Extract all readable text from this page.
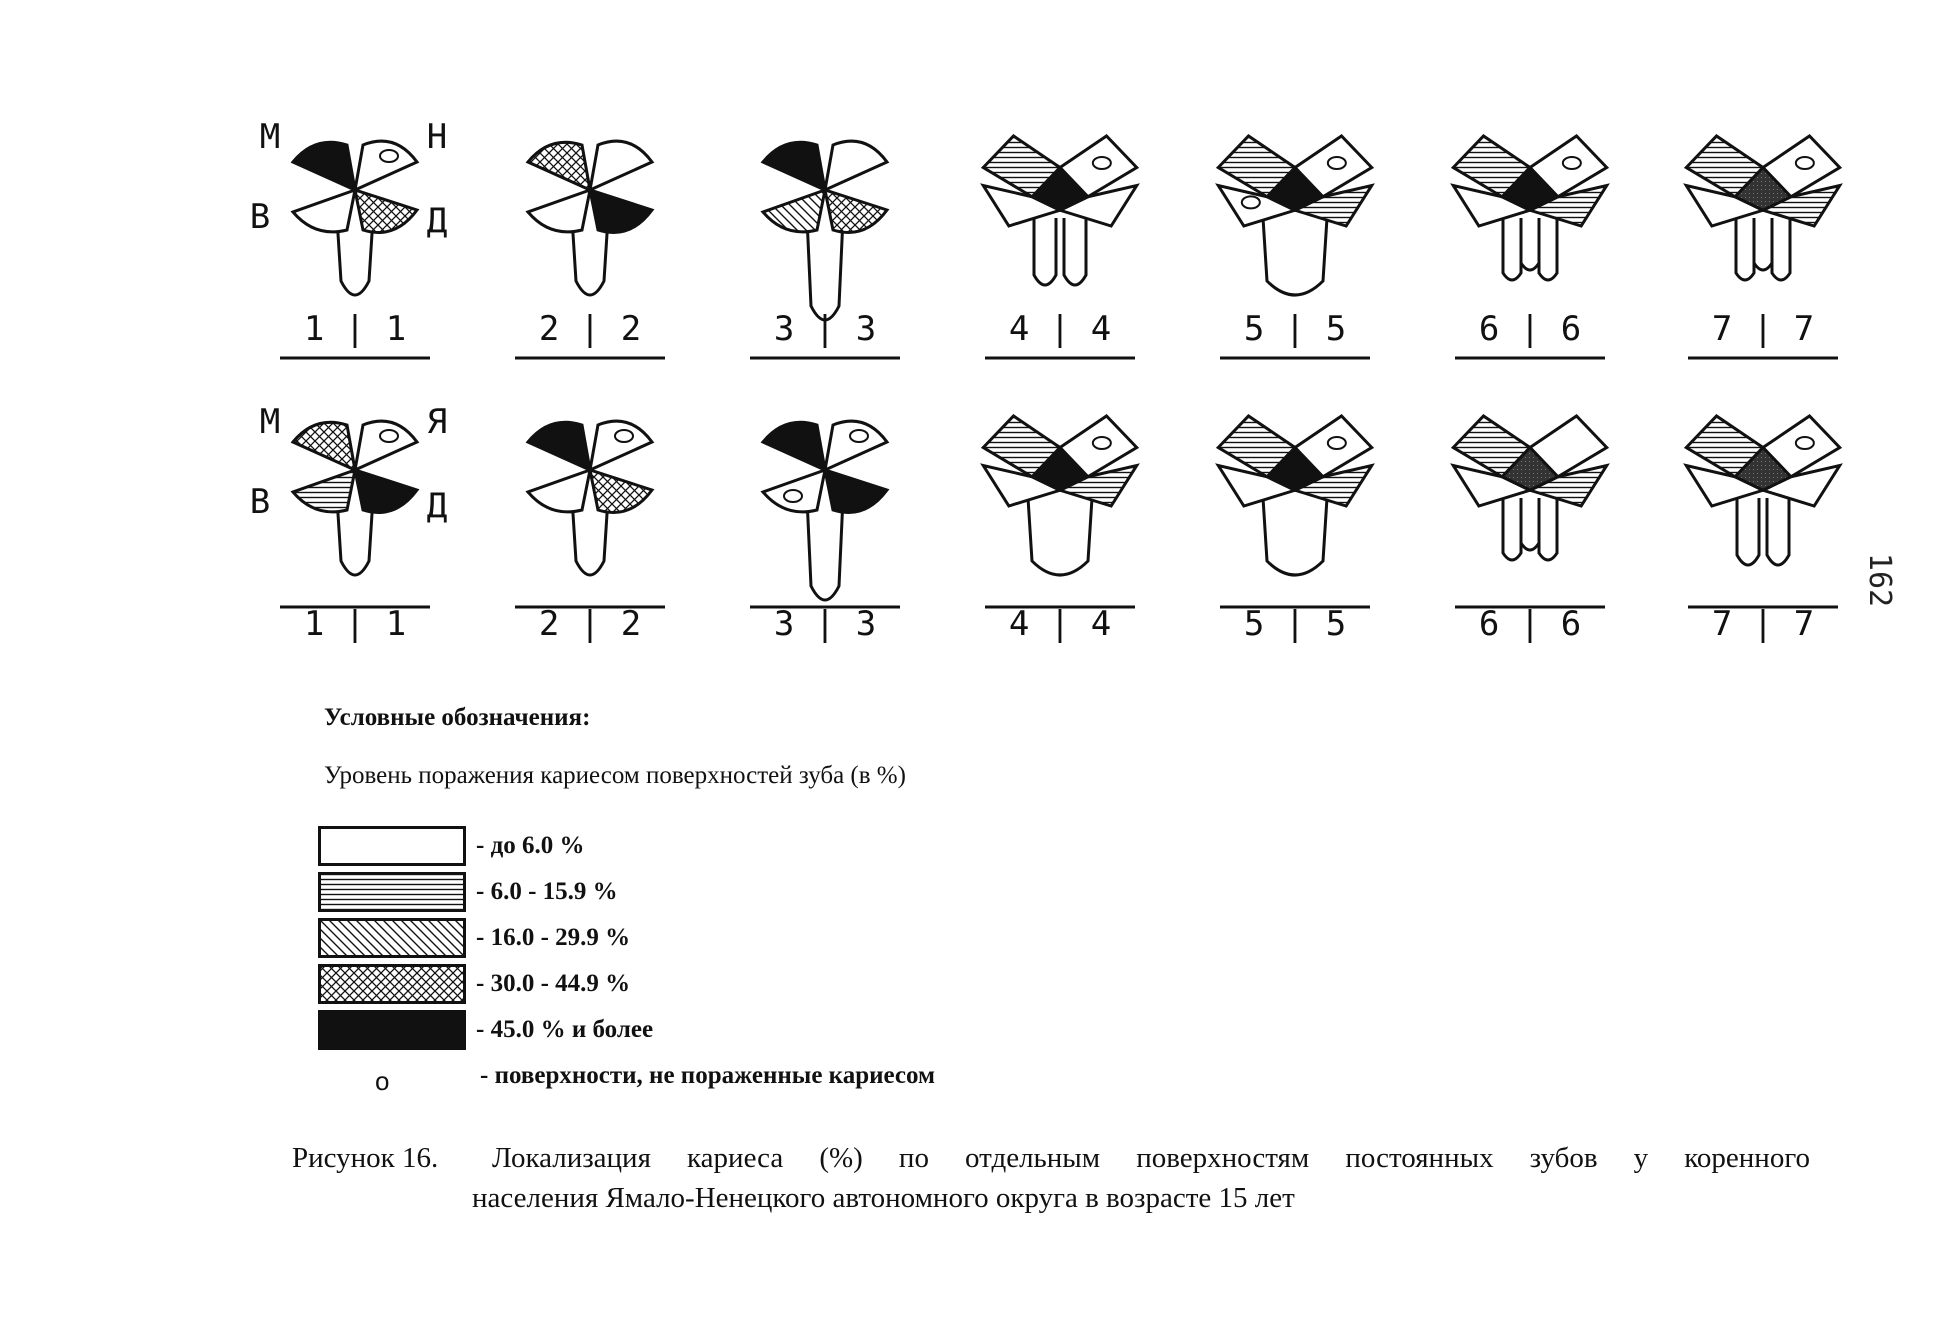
М	Н
В	Д
1 | 1	2 | 2	3 | 3	4 | 4	5 | 5	6 | 6	7 | 7
М	Я
В	Д
1 | 1	2 | 2	3 | 3	4 | 4	5 | 5	6 | 6	7 | 7
162
Условные обозначения:
Уровень поражения кариесом поверхностей зуба (в %)
- до 6.0 %
- 6.0 - 15.9 %
- 16.0 - 29.9 %
- 30.0 - 44.9 %
- 45.0 % и более
о	- поверхности, не пораженные кариесом
Рисунок 16. Локализация кариеса (%) по отдельным поверхностям постоянных зубов у коренного
населения Ямало-Ненецкого автономного округа в возрасте 15 лет
